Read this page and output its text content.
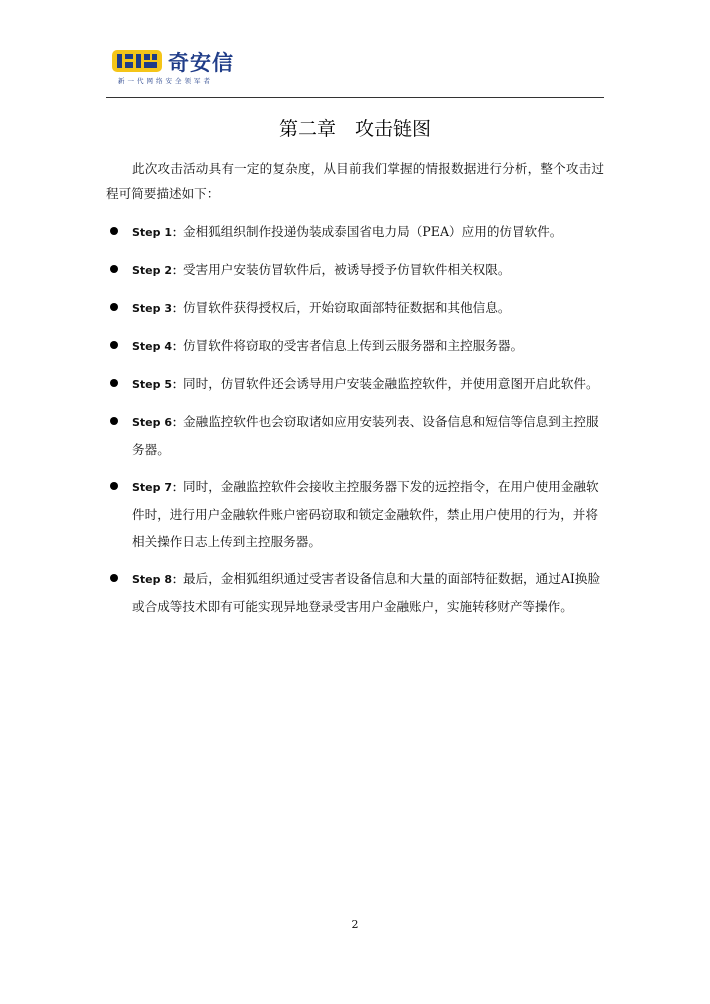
奇安信
新一代网络安全领军者
第二章　攻击链图

此次攻击活动具有一定的复杂度，从目前我们掌握的情报数据进行分析，整个攻击过程可简要描述如下：

Step 1：金相狐组织制作投递伪装成泰国省电力局（PEA）应用的仿冒软件。
Step 2：受害用户安装仿冒软件后，被诱导授予仿冒软件相关权限。
Step 3：仿冒软件获得授权后，开始窃取面部特征数据和其他信息。
Step 4：仿冒软件将窃取的受害者信息上传到云服务器和主控服务器。
Step 5：同时，仿冒软件还会诱导用户安装金融监控软件，并使用意图开启此软件。
Step 6：金融监控软件也会窃取诸如应用安装列表、设备信息和短信等信息到主控服务器。
Step 7：同时，金融监控软件会接收主控服务器下发的远控指令，在用户使用金融软件时，进行用户金融软件账户密码窃取和锁定金融软件，禁止用户使用的行为，并将相关操作日志上传到主控服务器。
Step 8：最后，金相狐组织通过受害者设备信息和大量的面部特征数据，通过AI换脸或合成等技术即有可能实现异地登录受害用户金融账户，实施转移财产等操作。
2
